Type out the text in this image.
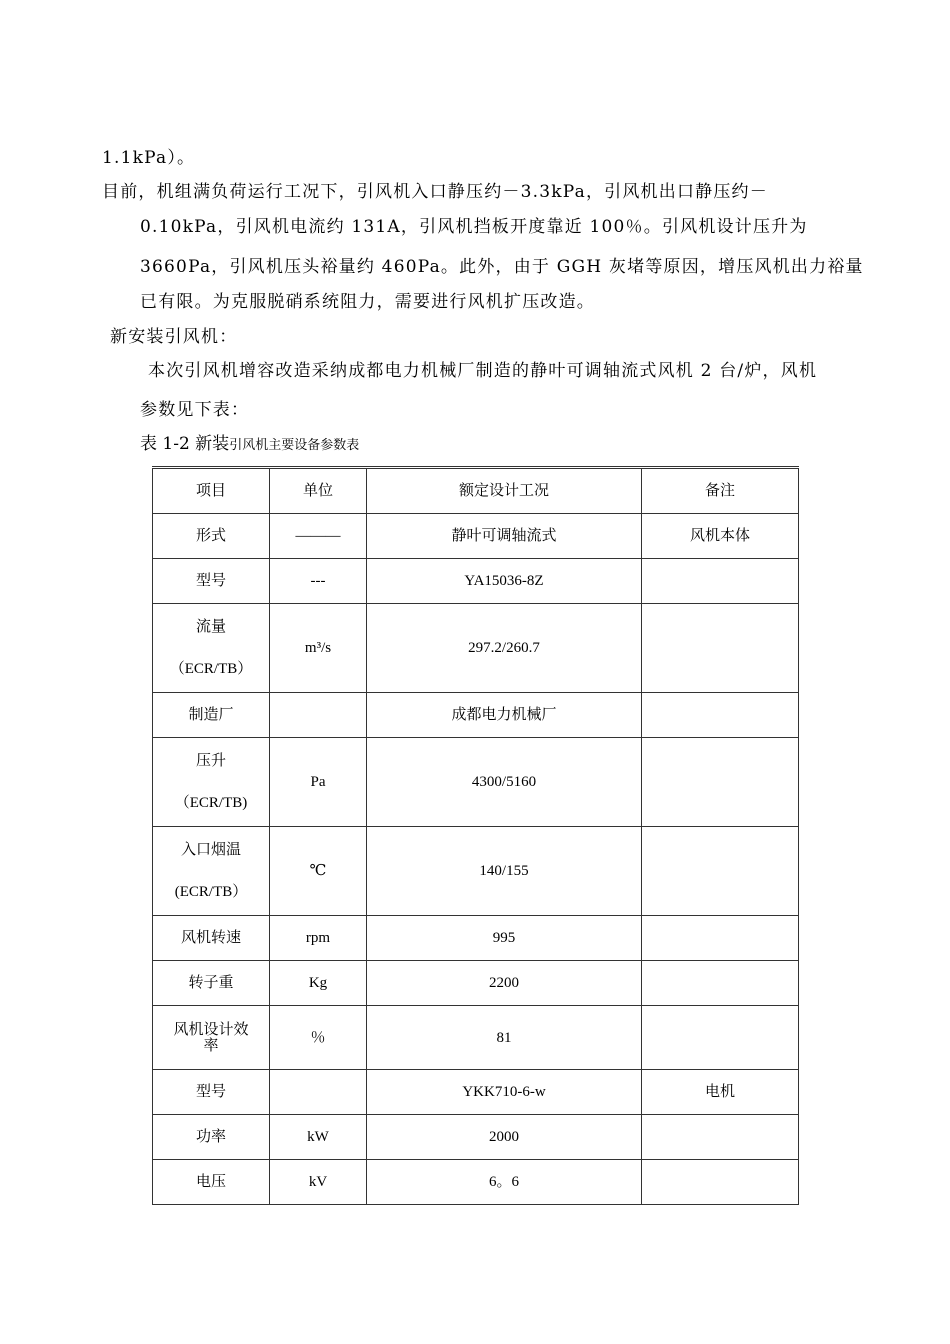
1.1kPa）。
目前，机组满负荷运行工况下，引风机入口静压约－3.3kPa，引风机出口静压约－
0.10kPa，引风机电流约 131A，引风机挡板开度靠近 100％。引风机设计压升为
3660Pa，引风机压头裕量约 460Pa。此外，由于 GGH 灰堵等原因，增压风机出力裕量
已有限。为克服脱硝系统阻力，需要进行风机扩压改造。
新安装引风机：
本次引风机增容改造采纳成都电力机械厂制造的静叶可调轴流式风机 2 台/炉，风机
参数见下表：
表 1-2 新装引风机主要设备参数表
项目	单位	额定设计工况	备注
形式	———	静叶可调轴流式	风机本体
型号	---	YA15036-8Z	

流量
（ECR/TB）	m³/s	297.2/260.7	
制造厂		成都电力机械厂	

压升
（ECR/TB)	Pa	4300/5160	

入口烟温
(ECR/TB）	℃	140/155	
风机转速	rpm	995	
转子重	Kg	2200	

风机设计效
率	％	81	
型号		YKK710-6-w	电机
功率	kW	2000	
电压	kV	6。6	
